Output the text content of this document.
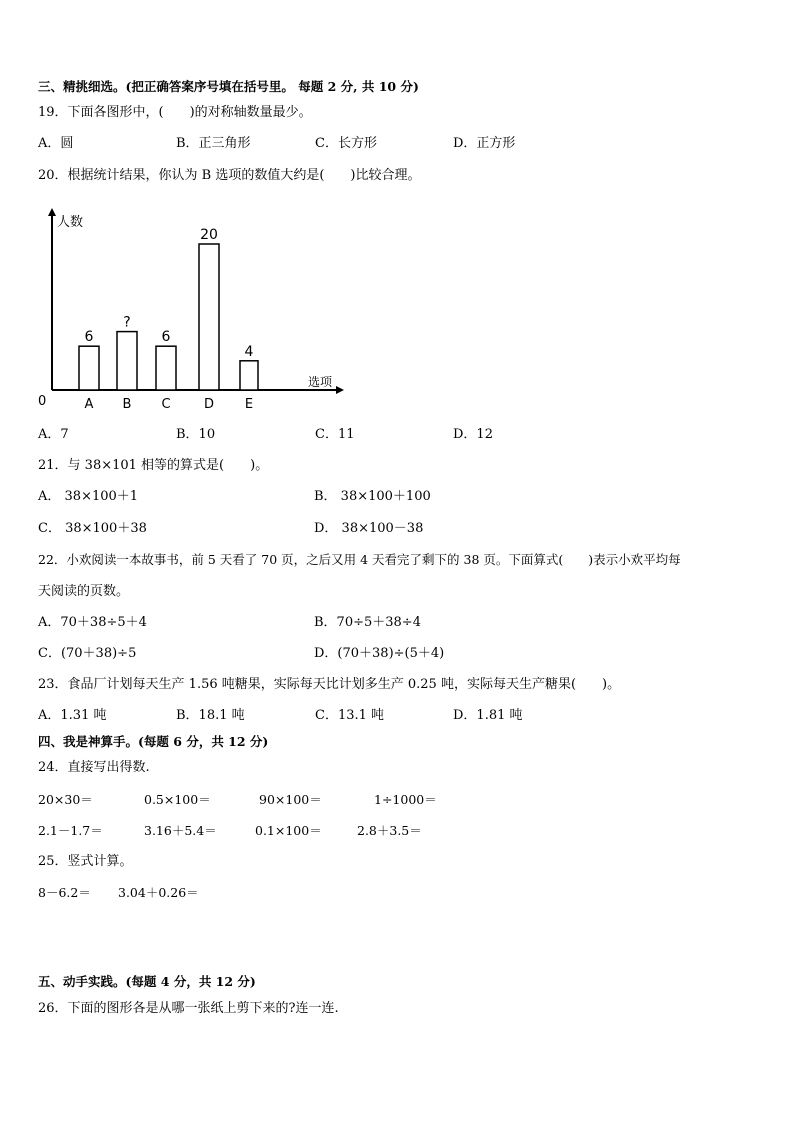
三、精挑细选。(把正确答案序号填在括号里。 每题 2 分, 共 10 分)
19．下面各图形中，(　　)的对称轴数量最少。
A．圆	B．正三角形	C．长方形	D．正方形
20．根据统计结果，你认为 B 选项的数值大约是(　　)比较合理。
人数
选项
0
6
A
?
B
6
C
20
D
4
E
A．7	B．10	C．11	D．12
21．与 38×101 相等的算式是(　　)。
A． 38×100＋1	B． 38×100＋100
C． 38×100＋38	D． 38×100－38
22．小欢阅读一本故事书，前 5 天看了 70 页，之后又用 4 天看完了剩下的 38 页。下面算式(　　)表示小欢平均每
天阅读的页数。
A．70＋38÷5＋4	B．70÷5＋38÷4
C．(70＋38)÷5	D．(70＋38)÷(5＋4)
23．食品厂计划每天生产 1.56 吨糖果，实际每天比计划多生产 0.25 吨，实际每天生产糖果(　　)。
A．1.31 吨	B．18.1 吨	C．13.1 吨	D．1.81 吨
四、我是神算手。(每题 6 分，共 12 分)
24．直接写出得数.
20×30＝	0.5×100＝	90×100＝	1÷1000＝
2.1－1.7＝	3.16＋5.4＝	0.1×100＝	2.8＋3.5＝
25．竖式计算。
8－6.2＝ 3.04＋0.26＝
五、动手实践。(每题 4 分，共 12 分)
26．下面的图形各是从哪一张纸上剪下来的?连一连.
